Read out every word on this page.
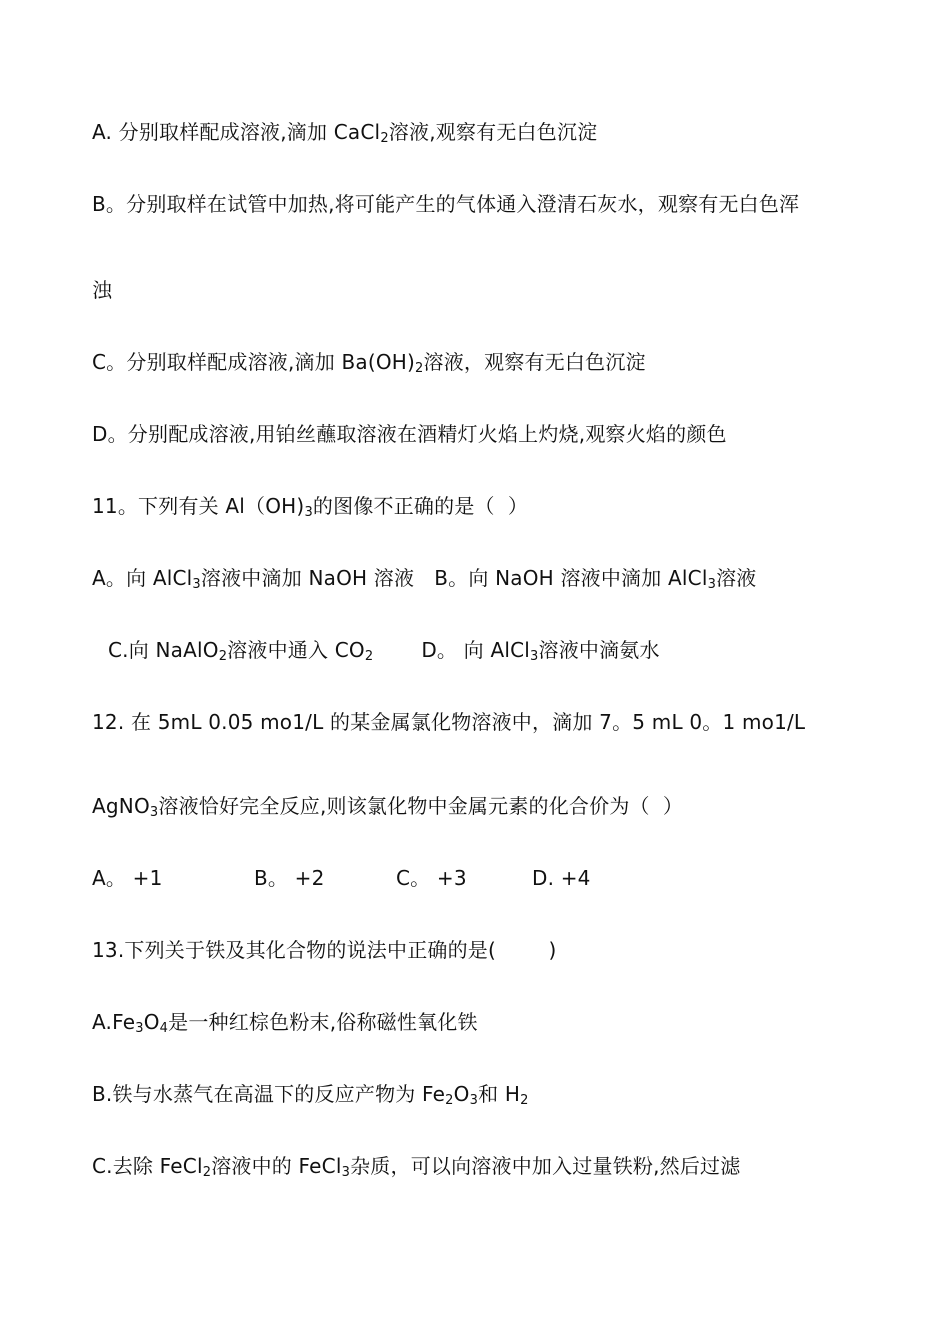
A. 分别取样配成溶液,滴加 CaCl$_2$溶液,观察有无白色沉淀
B。分别取样在试管中加热,将可能产生的气体通入澄清石灰水，观察有无白色浑
浊
C。分别取样配成溶液,滴加 $Ba(OH)_2$溶液，观察有无白色沉淀
D。分别配成溶液,用铂丝蘸取溶液在酒精灯火焰上灼烧,观察火焰的颜色
11。下列有关 $Al(OH)_3$的图像不正确的是（  ）
A。向 AlCl$_3$溶液中滴加 NaOH 溶液 B。向 NaOH 溶液中滴加 AlCl$_3$溶液
C.向 NaAlO$_2$溶液中通入 $CO_2$ D。 向 AlCl$_3$溶液中滴氨水
12. 在 5mL 0.05 mo1/L 的某金属氯化物溶液中，滴加 7。5 mL 0。1 mo1/L
AgNO$_3$溶液恰好完全反应,则该氯化物中金属元素的化合价为（  ）
A。 +1	B。 +2	C。 +3	D. +4
13.下列关于铁及其化合物的说法中正确的是(        )
$A.Fe_3O_4$是一种红棕色粉末,俗称磁性氧化铁
B.铁与水蒸气在高温下的反应产物为 $Fe_2O_3$和 $H_2$
C.去除 FeCl$_2$溶液中的 FeCl$_3$杂质，可以向溶液中加入过量铁粉,然后过滤
